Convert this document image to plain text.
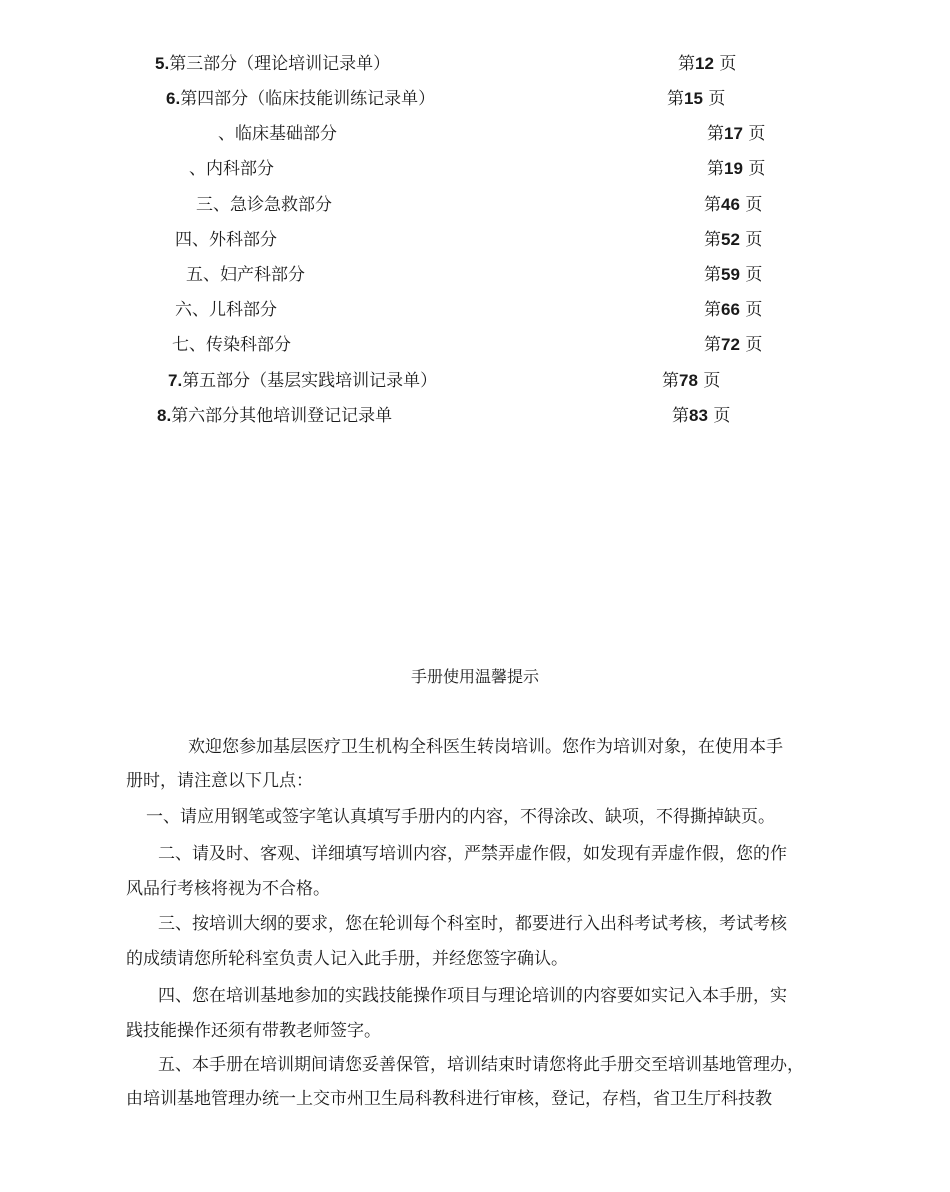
5.第三部分（理论培训记录单）	第12 页
6.第四部分（临床技能训练记录单）	第15 页
、临床基础部分	第17 页
、内科部分	第19 页
三、急诊急救部分	第46 页
四、外科部分	第52 页
五、妇产科部分	第59 页
六、儿科部分	第66 页
七、传染科部分	第72 页
7.第五部分（基层实践培训记录单）	第78 页
8.第六部分其他培训登记记录单	第83 页
手册使用温馨提示
欢迎您参加基层医疗卫生机构全科医生转岗培训。您作为培训对象，在使用本手
册时，请注意以下几点：
一、请应用钢笔或签字笔认真填写手册内的内容，不得涂改、缺项，不得撕掉缺页。
二、请及时、客观、详细填写培训内容，严禁弄虚作假，如发现有弄虚作假，您的作
风品行考核将视为不合格。
三、按培训大纲的要求，您在轮训每个科室时，都要进行入出科考试考核，考试考核
的成绩请您所轮科室负责人记入此手册，并经您签字确认。
四、您在培训基地参加的实践技能操作项目与理论培训的内容要如实记入本手册，实
践技能操作还须有带教老师签字。
五、本手册在培训期间请您妥善保管，培训结束时请您将此手册交至培训基地管理办，
由培训基地管理办统一上交市州卫生局科教科进行审核，登记，存档，省卫生厅科技教
